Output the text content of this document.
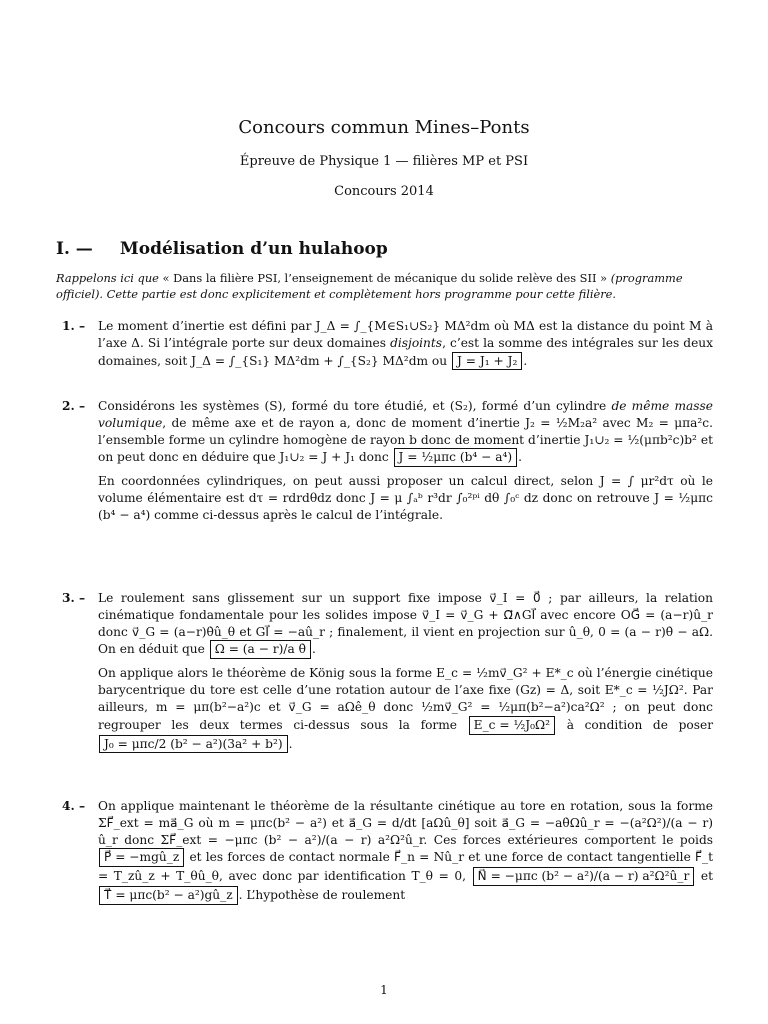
Concours commun Mines–Ponts
Épreuve de Physique 1 — filières MP et PSI
Concours 2014
I. — Modélisation d’un hulahoop
Rappelons ici que « Dans la filière PSI, l’enseignement de mécanique du solide relève des SII » (programme officiel). Cette partie est donc explicitement et complètement hors programme pour cette filière.
1. – Le moment d’inertie est défini par J_Δ = ∫_{M∈S₁∪S₂} MΔ²dm où MΔ est la distance du point M à l’axe Δ. Si l’intégrale porte sur deux domaines disjoints, c’est la somme des intégrales sur les deux domaines, soit J_Δ = ∫_{S₁} MΔ²dm + ∫_{S₂} MΔ²dm ou J = J₁ + J₂ .
2. – Considérons les systèmes (S), formé du tore étudié, et (S₂), formé d’un cylindre de même masse volumique, de même axe et de rayon a, donc de moment d’inertie J₂ = ½M₂a² avec M₂ = μπa²c. l’ensemble forme un cylindre homogène de rayon b donc de moment d’inertie J₁∪₂ = ½(μπb²c)b² et on peut donc en déduire que J₁∪₂ = J + J₁ donc J = ½μπc (b⁴ − a⁴) .
En coordonnées cylindriques, on peut aussi proposer un calcul direct, selon J = ∫ μr²dτ où le volume élémentaire est dτ = rdrdθdz donc J = μ ∫ₐᵇ r³dr ∫₀²ᵖⁱ dθ ∫₀ᶜ dz donc on retrouve J = ½μπc (b⁴ − a⁴) comme ci-dessus après le calcul de l’intégrale.
3. – Le roulement sans glissement sur un support fixe impose v⃗_I = 0⃗ ; par ailleurs, la relation cinématique fondamentale pour les solides impose v⃗_I = v⃗_G + Ω⃗∧GI⃗ avec encore OG⃗ = (a−r)û_r donc v⃗_G = (a−r)θ̇û_θ et GI⃗ = −aû_r ; finalement, il vient en projection sur û_θ, 0 = (a − r)θ̇ − aΩ. On en déduit que Ω = (a − r)/a θ̇ .
On applique alors le théorème de König sous la forme E_c = ½mv⃗_G² + E*_c où l’énergie cinétique barycentrique du tore est celle d’une rotation autour de l’axe fixe (Gz) = Δ, soit E*_c = ½JΩ². Par ailleurs, m = μπ(b²−a²)c et v⃗_G = aΩê_θ donc ½mv⃗_G² = ½μπ(b²−a²)ca²Ω² ; on peut donc regrouper les deux termes ci-dessus sous la forme E_c = ½J₀Ω² à condition de poser J₀ = μπc/2 (b² − a²)(3a² + b²) .
4. – On applique maintenant le théorème de la résultante cinétique au tore en rotation, sous la forme ΣF⃗_ext = ma⃗_G où m = μπc(b² − a²) et a⃗_G = d/dt [aΩû_θ] soit a⃗_G = −aθ̇Ωû_r = −(a²Ω²)/(a − r) û_r donc ΣF⃗_ext = −μπc (b² − a²)/(a − r) a²Ω²û_r. Ces forces extérieures comportent le poids P⃗ = −mgû_z et les forces de contact normale F⃗_n = Nû_r et une force de contact tangentielle F⃗_t = T_zû_z + T_θû_θ, avec donc par identification T_θ = 0, N⃗ = −μπc (b² − a²)/(a − r) a²Ω²û_r et T⃗ = μπc(b² − a²)gû_z . L’hypothèse de roulement
1
